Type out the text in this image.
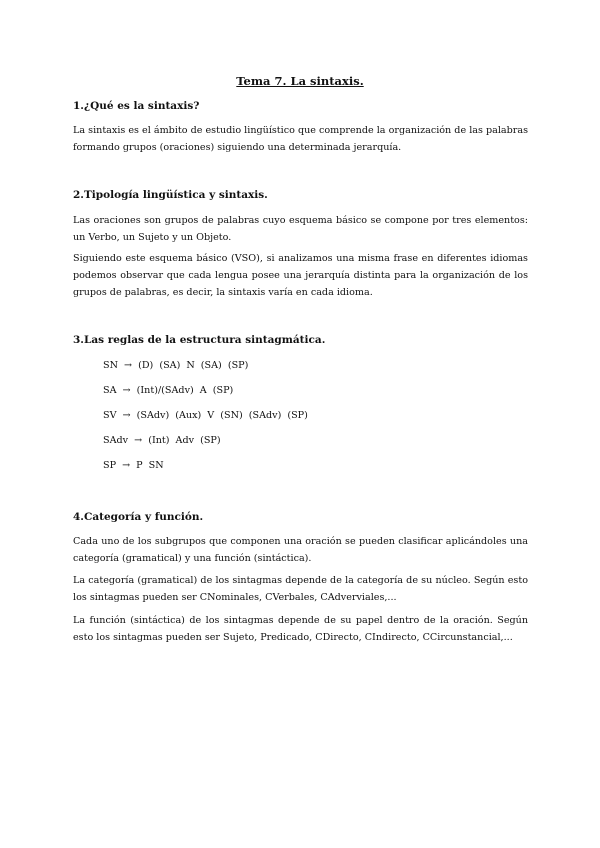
Tema 7. La sintaxis.
1.¿Qué es la sintaxis?
La sintaxis es el ámbito de estudio lingüístico que comprende la organización de las palabras formando grupos (oraciones) siguiendo una determinada jerarquía.
2.Tipología lingüística y sintaxis.
Las oraciones son grupos de palabras cuyo esquema básico se compone por tres elementos: un Verbo, un Sujeto y un Objeto.
Siguiendo este esquema básico (VSO), si analizamos una misma frase en diferentes idiomas podemos observar que cada lengua posee una jerarquía distinta para la organización de los grupos de palabras, es decir, la sintaxis varía en cada idioma.
3.Las reglas de la estructura sintagmática.
SN → (D) (SA) N (SA) (SP)
SA → (Int)/(SAdv) A (SP)
SV → (SAdv) (Aux) V (SN) (SAdv) (SP)
SAdv → (Int) Adv (SP)
SP → P SN
4.Categoría y función.
Cada uno de los subgrupos que componen una oración se pueden clasificar aplicándoles una categoría (gramatical) y una función (sintáctica).
La categoría (gramatical) de los sintagmas depende de la categoría de su núcleo. Según esto los sintagmas pueden ser CNominales, CVerbales, CAdverviales,...
La función (sintáctica) de los sintagmas depende de su papel dentro de la oración. Según esto los sintagmas pueden ser Sujeto, Predicado, CDirecto, CIndirecto, CCircunstancial,...
